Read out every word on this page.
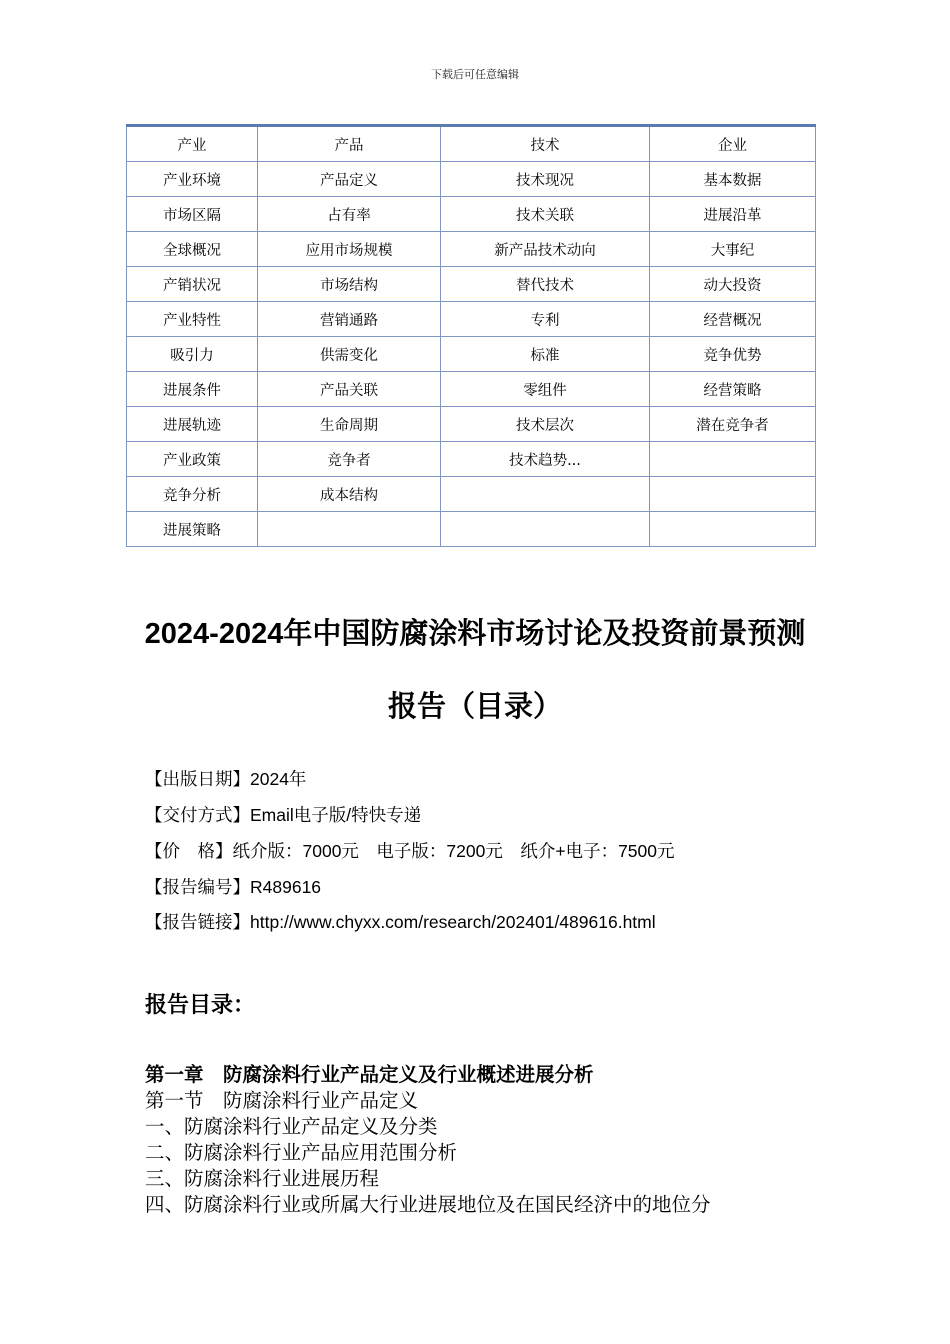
下载后可任意编辑
产业	产品	技术	企业
产业环境	产品定义	技术现况	基本数据
市场区隔	占有率	技术关联	进展沿革
全球概况	应用市场规模	新产品技术动向	大事纪
产销状况	市场结构	替代技术	动大投资
产业特性	营销通路	专利	经营概况
吸引力	供需变化	标准	竞争优势
进展条件	产品关联	零组件	经营策略
进展轨迹	生命周期	技术层次	潜在竞争者
产业政策	竞争者	技术趋势...	
竞争分析	成本结构		
进展策略			
2024-2024年中国防腐涂料市场讨论及投资前景预测
报告（目录）
【出版日期】2024年
【交付方式】Email电子版/特快专递
【价　格】纸介版：7000元　电子版：7200元　纸介+电子：7500元
【报告编号】R489616
【报告链接】http://www.chyxx.com/research/202401/489616.html
报告目录：
第一章　防腐涂料行业产品定义及行业概述进展分析
第一节　防腐涂料行业产品定义
一、防腐涂料行业产品定义及分类
二、防腐涂料行业产品应用范围分析
三、防腐涂料行业进展历程
四、防腐涂料行业或所属大行业进展地位及在国民经济中的地位分
